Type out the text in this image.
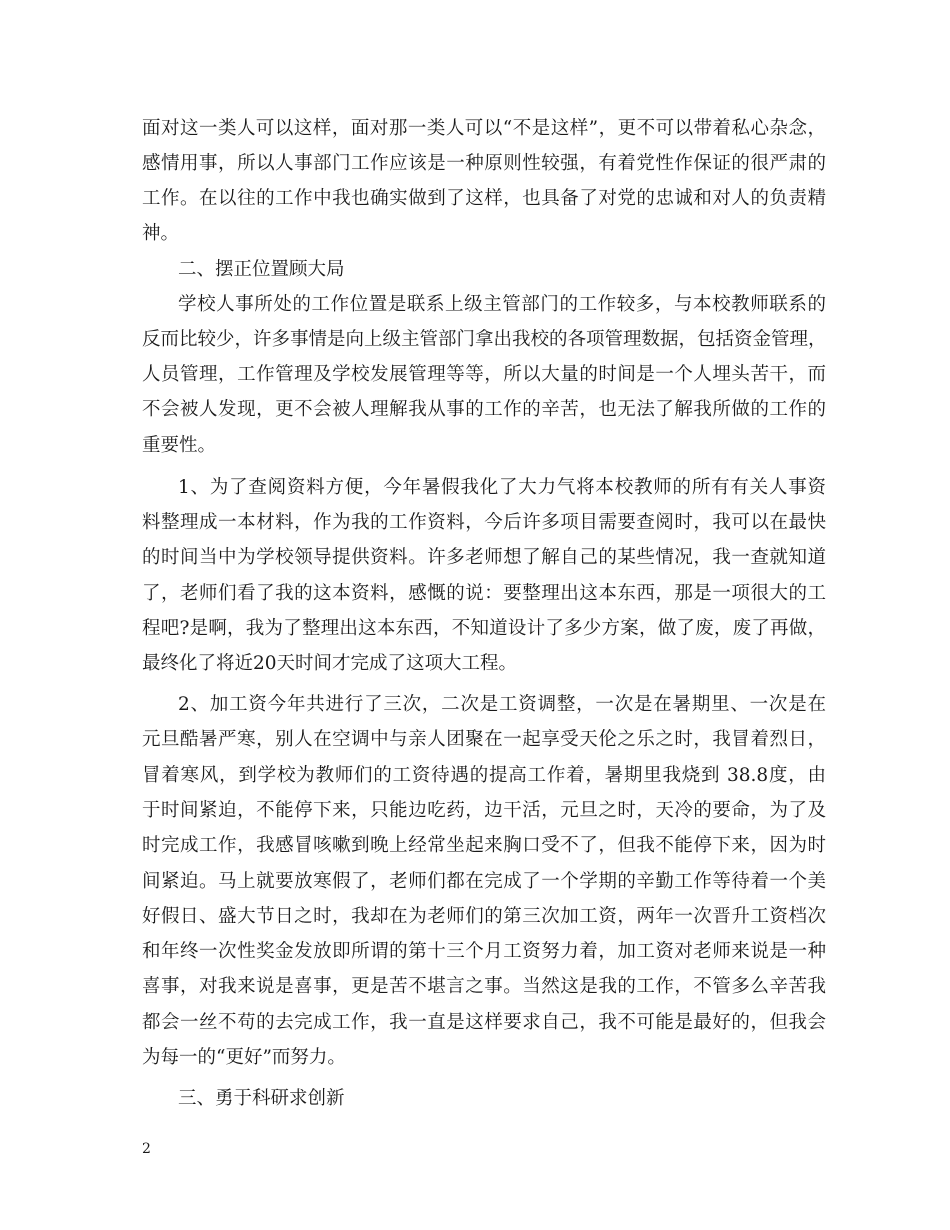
面对这一类人可以这样，面对那一类人可以“不是这样”，更不可以带着私心杂念，
感情用事，所以人事部门工作应该是一种原则性较强，有着党性作保证的很严肃的
工作。在以往的工作中我也确实做到了这样，也具备了对党的忠诚和对人的负责精
神。
二、摆正位置顾大局
学校人事所处的工作位置是联系上级主管部门的工作较多，与本校教师联系的
反而比较少，许多事情是向上级主管部门拿出我校的各项管理数据，包括资金管理，
人员管理，工作管理及学校发展管理等等，所以大量的时间是一个人埋头苦干，而
不会被人发现，更不会被人理解我从事的工作的辛苦，也无法了解我所做的工作的
重要性。
1、为了查阅资料方便，今年暑假我化了大力气将本校教师的所有有关人事资
料整理成一本材料，作为我的工作资料，今后许多项目需要查阅时，我可以在最快
的时间当中为学校领导提供资料。许多老师想了解自己的某些情况，我一查就知道
了，老师们看了我的这本资料，感慨的说：要整理出这本东西，那是一项很大的工
程吧?是啊，我为了整理出这本东西，不知道设计了多少方案，做了废，废了再做，
最终化了将近20天时间才完成了这项大工程。
2、加工资今年共进行了三次，二次是工资调整，一次是在暑期里、一次是在
元旦酷暑严寒，别人在空调中与亲人团聚在一起享受天伦之乐之时，我冒着烈日，
冒着寒风，到学校为教师们的工资待遇的提高工作着，暑期里我烧到 38.8度，由
于时间紧迫，不能停下来，只能边吃药，边干活，元旦之时，天冷的要命，为了及
时完成工作，我感冒咳嗽到晚上经常坐起来胸口受不了，但我不能停下来，因为时
间紧迫。马上就要放寒假了，老师们都在完成了一个学期的辛勤工作等待着一个美
好假日、盛大节日之时，我却在为老师们的第三次加工资，两年一次晋升工资档次
和年终一次性奖金发放即所谓的第十三个月工资努力着，加工资对老师来说是一种
喜事，对我来说是喜事，更是苦不堪言之事。当然这是我的工作，不管多么辛苦我
都会一丝不苟的去完成工作，我一直是这样要求自己，我不可能是最好的，但我会
为每一的“更好”而努力。
三、勇于科研求创新
2
